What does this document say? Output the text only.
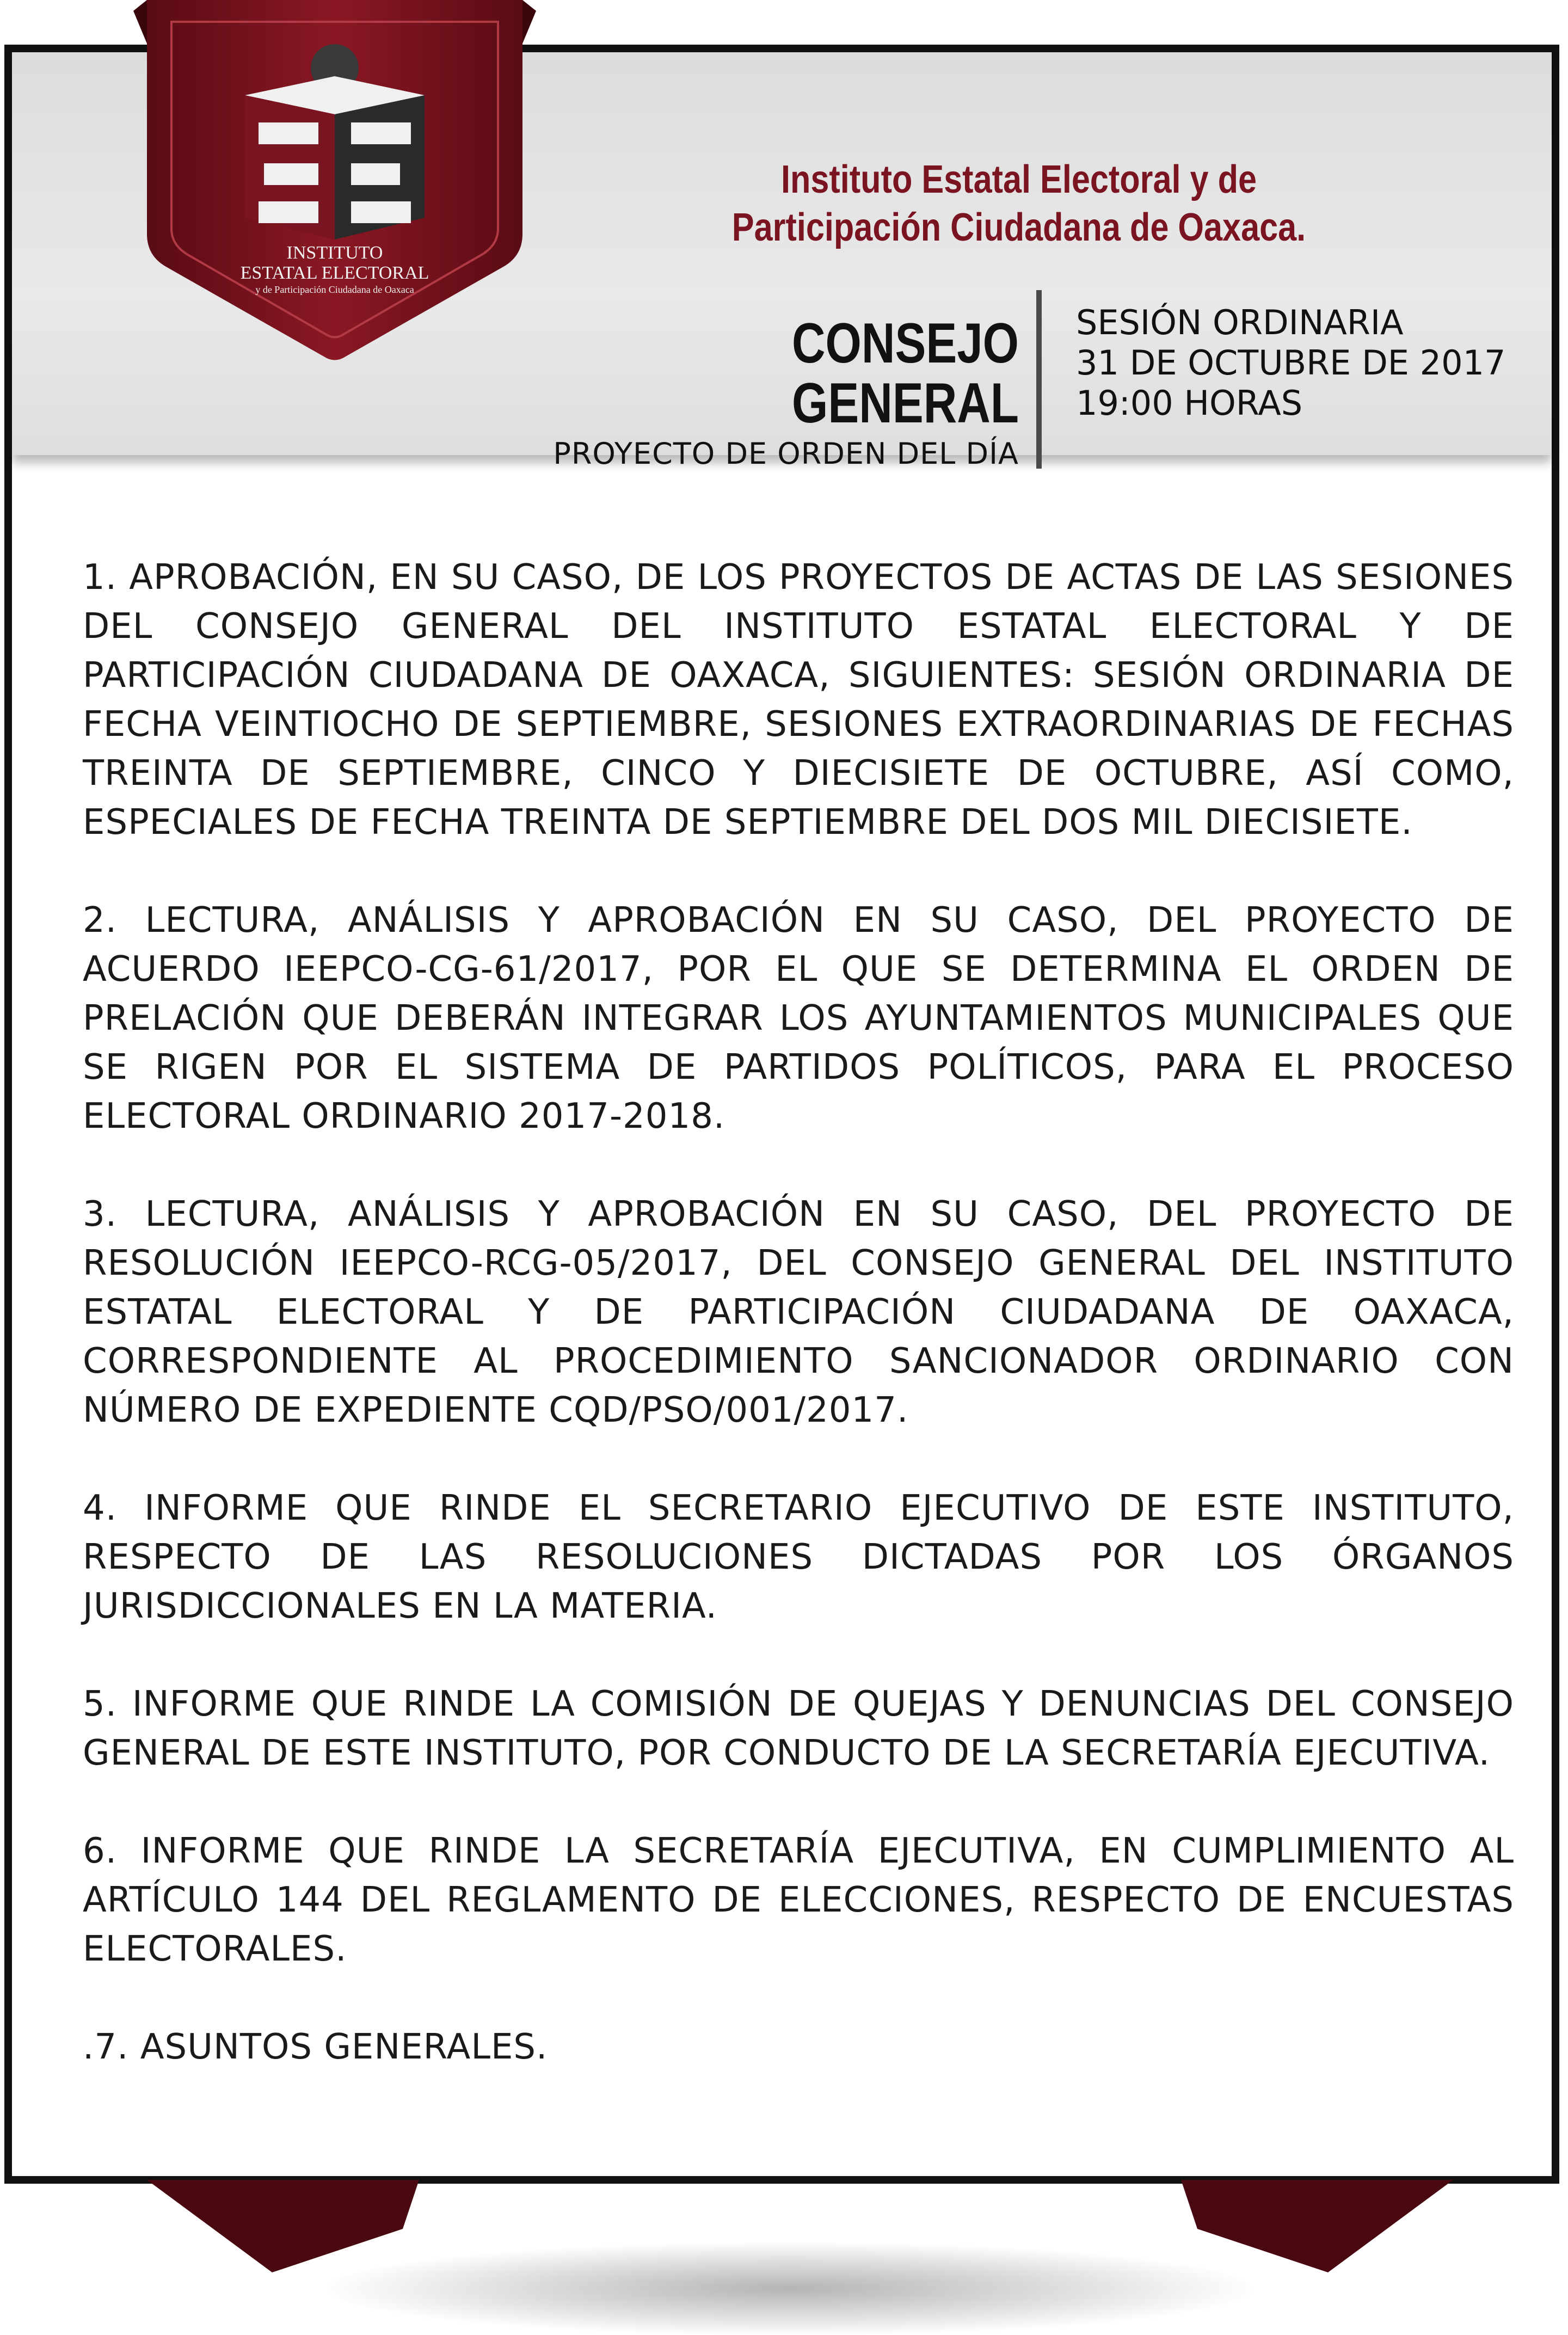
Instituto Estatal Electoral y de
Participación Ciudadana de Oaxaca.
CONSEJO GENERAL
PROYECTO DE ORDEN DEL DÍA
SESIÓN ORDINARIA
31 DE OCTUBRE DE 2017
19:00 HORAS

1. APROBACIÓN, EN SU CASO, DE LOS PROYECTOS DE ACTAS DE LAS SESIONES DEL CONSEJO GENERAL DEL INSTITUTO ESTATAL ELECTORAL Y DE PARTICIPACIÓN CIUDADANA DE OAXACA, SIGUIENTES: SESIÓN ORDINARIA DE FECHA VEINTIOCHO DE SEPTIEMBRE, SESIONES EXTRAORDINARIAS DE FECHAS TREINTA DE SEPTIEMBRE, CINCO Y DIECISIETE DE OCTUBRE, ASÍ COMO, ESPECIALES DE FECHA TREINTA DE SEPTIEMBRE DEL DOS MIL DIECISIETE.

2. LECTURA, ANÁLISIS Y APROBACIÓN EN SU CASO, DEL PROYECTO DE ACUERDO IEEPCO-CG-61/2017, POR EL QUE SE DETERMINA EL ORDEN DE PRELACIÓN QUE DEBERÁN INTEGRAR LOS AYUNTAMIENTOS MUNICIPALES QUE SE RIGEN POR EL SISTEMA DE PARTIDOS POLÍTICOS, PARA EL PROCESO ELECTORAL ORDINARIO 2017-2018.

3. LECTURA, ANÁLISIS Y APROBACIÓN EN SU CASO, DEL PROYECTO DE RESOLUCIÓN IEEPCO-RCG-05/2017, DEL CONSEJO GENERAL DEL INSTITUTO ESTATAL ELECTORAL Y DE PARTICIPACIÓN CIUDADANA DE OAXACA, CORRESPONDIENTE AL PROCEDIMIENTO SANCIONADOR ORDINARIO CON NÚMERO DE EXPEDIENTE CQD/PSO/001/2017.

4. INFORME QUE RINDE EL SECRETARIO EJECUTIVO DE ESTE INSTITUTO, RESPECTO DE LAS RESOLUCIONES DICTADAS POR LOS ÓRGANOS JURISDICCIONALES EN LA MATERIA.

5. INFORME QUE RINDE LA COMISIÓN DE QUEJAS Y DENUNCIAS DEL CONSEJO GENERAL DE ESTE INSTITUTO, POR CONDUCTO DE LA SECRETARÍA EJECUTIVA.

6. INFORME QUE RINDE LA SECRETARÍA EJECUTIVA, EN CUMPLIMIENTO AL ARTÍCULO 144 DEL REGLAMENTO DE ELECCIONES, RESPECTO DE ENCUESTAS ELECTORALES.

.7. ASUNTOS GENERALES.

INSTITUTO
ESTATAL ELECTORAL
y de Participación Ciudadana de Oaxaca
